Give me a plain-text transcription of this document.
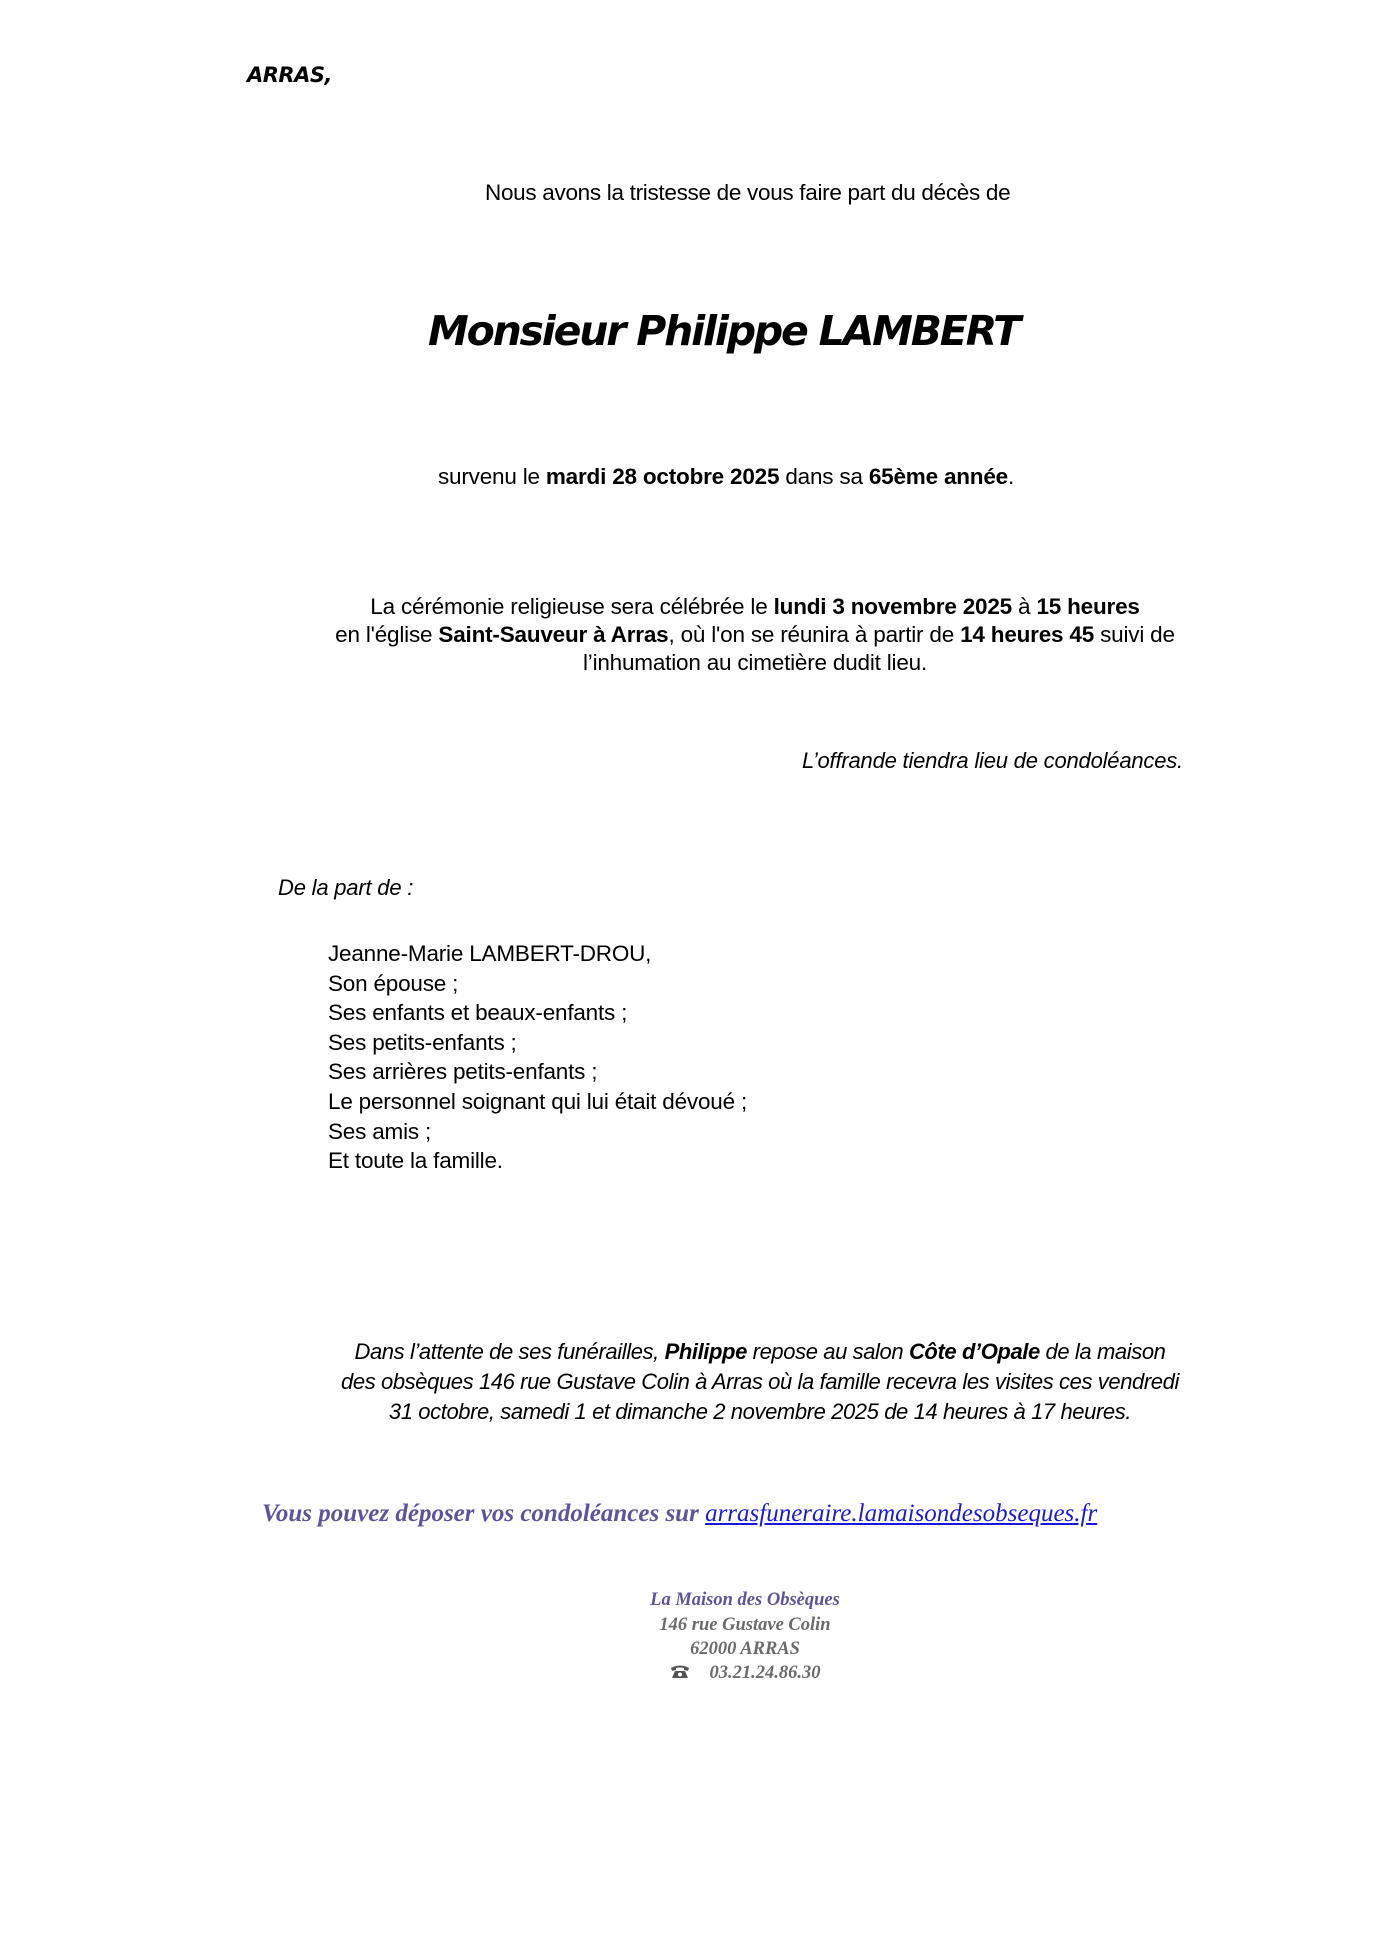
ARRAS,
Nous avons la tristesse de vous faire part du décès de
Monsieur Philippe LAMBERT
survenu le mardi 28 octobre 2025 dans sa 65ème année.
La cérémonie religieuse sera célébrée le lundi 3 novembre 2025 à 15 heures
en l'église Saint-Sauveur à Arras, où l'on se réunira à partir de 14 heures 45 suivi de
l’inhumation au cimetière dudit lieu.
L’offrande tiendra lieu de condoléances.
De la part de :
Jeanne-Marie LAMBERT-DROU,
Son épouse ;
Ses enfants et beaux-enfants ;
Ses petits-enfants ;
Ses arrières petits-enfants ;
Le personnel soignant qui lui était dévoué ;
Ses amis ;
Et toute la famille.
Dans l’attente de ses funérailles, Philippe repose au salon Côte d’Opale de la maison
des obsèques 146 rue Gustave Colin à Arras où la famille recevra les visites ces vendredi
31 octobre, samedi 1 et dimanche 2 novembre 2025 de 14 heures à 17 heures.
Vous pouvez déposer vos condoléances sur arrasfuneraire.lamaisondesobseques.fr
La Maison des Obsèques
146 rue Gustave Colin
62000 ARRAS
03.21.24.86.30
